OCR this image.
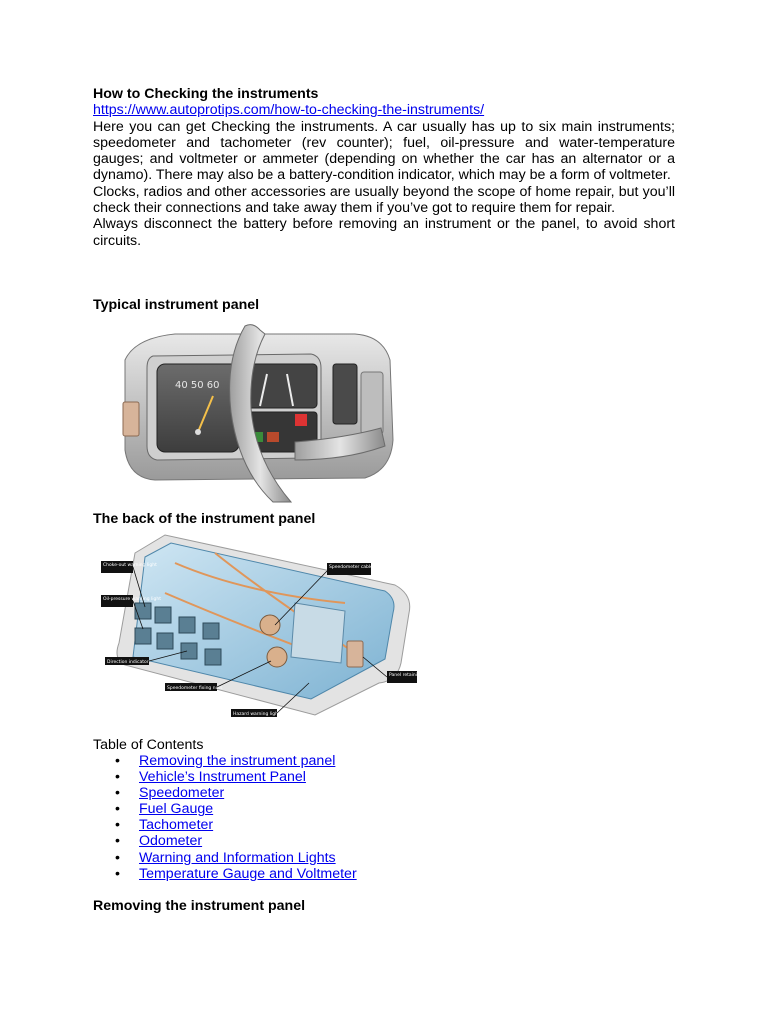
How to Checking the instruments
https://www.autoprotips.com/how-to-checking-the-instruments/

Here you can get Checking the instruments. A car usually has up to six main instruments; speedometer and tachometer (rev counter); fuel, oil-pressure and water-temperature gauges; and voltmeter or ammeter (depending on whether the car has an alternator or a dynamo). There may also be a battery-condition indicator, which may be a form of voltmeter.

Clocks, radios and other accessories are usually beyond the scope of home repair, but you’ll check their connections and take away them if you’ve got to require them for repair.

Always disconnect the battery before removing an instrument or the panel, to avoid short circuits.

Typical instrument panel
40 50 60
The back of the instrument panel
Choke-out warning light
Oil-pressure warning light
Direction indicator
Speedometer fixing nuts
Speedometer cable drive connection
Panel retaining clip
Hazard warning lights
Table of Contents
• Removing the instrument panel
• Vehicle’s Instrument Panel
• Speedometer
• Fuel Gauge
• Tachometer
• Odometer
• Warning and Information Lights
• Temperature Gauge and Voltmeter
Removing the instrument panel
